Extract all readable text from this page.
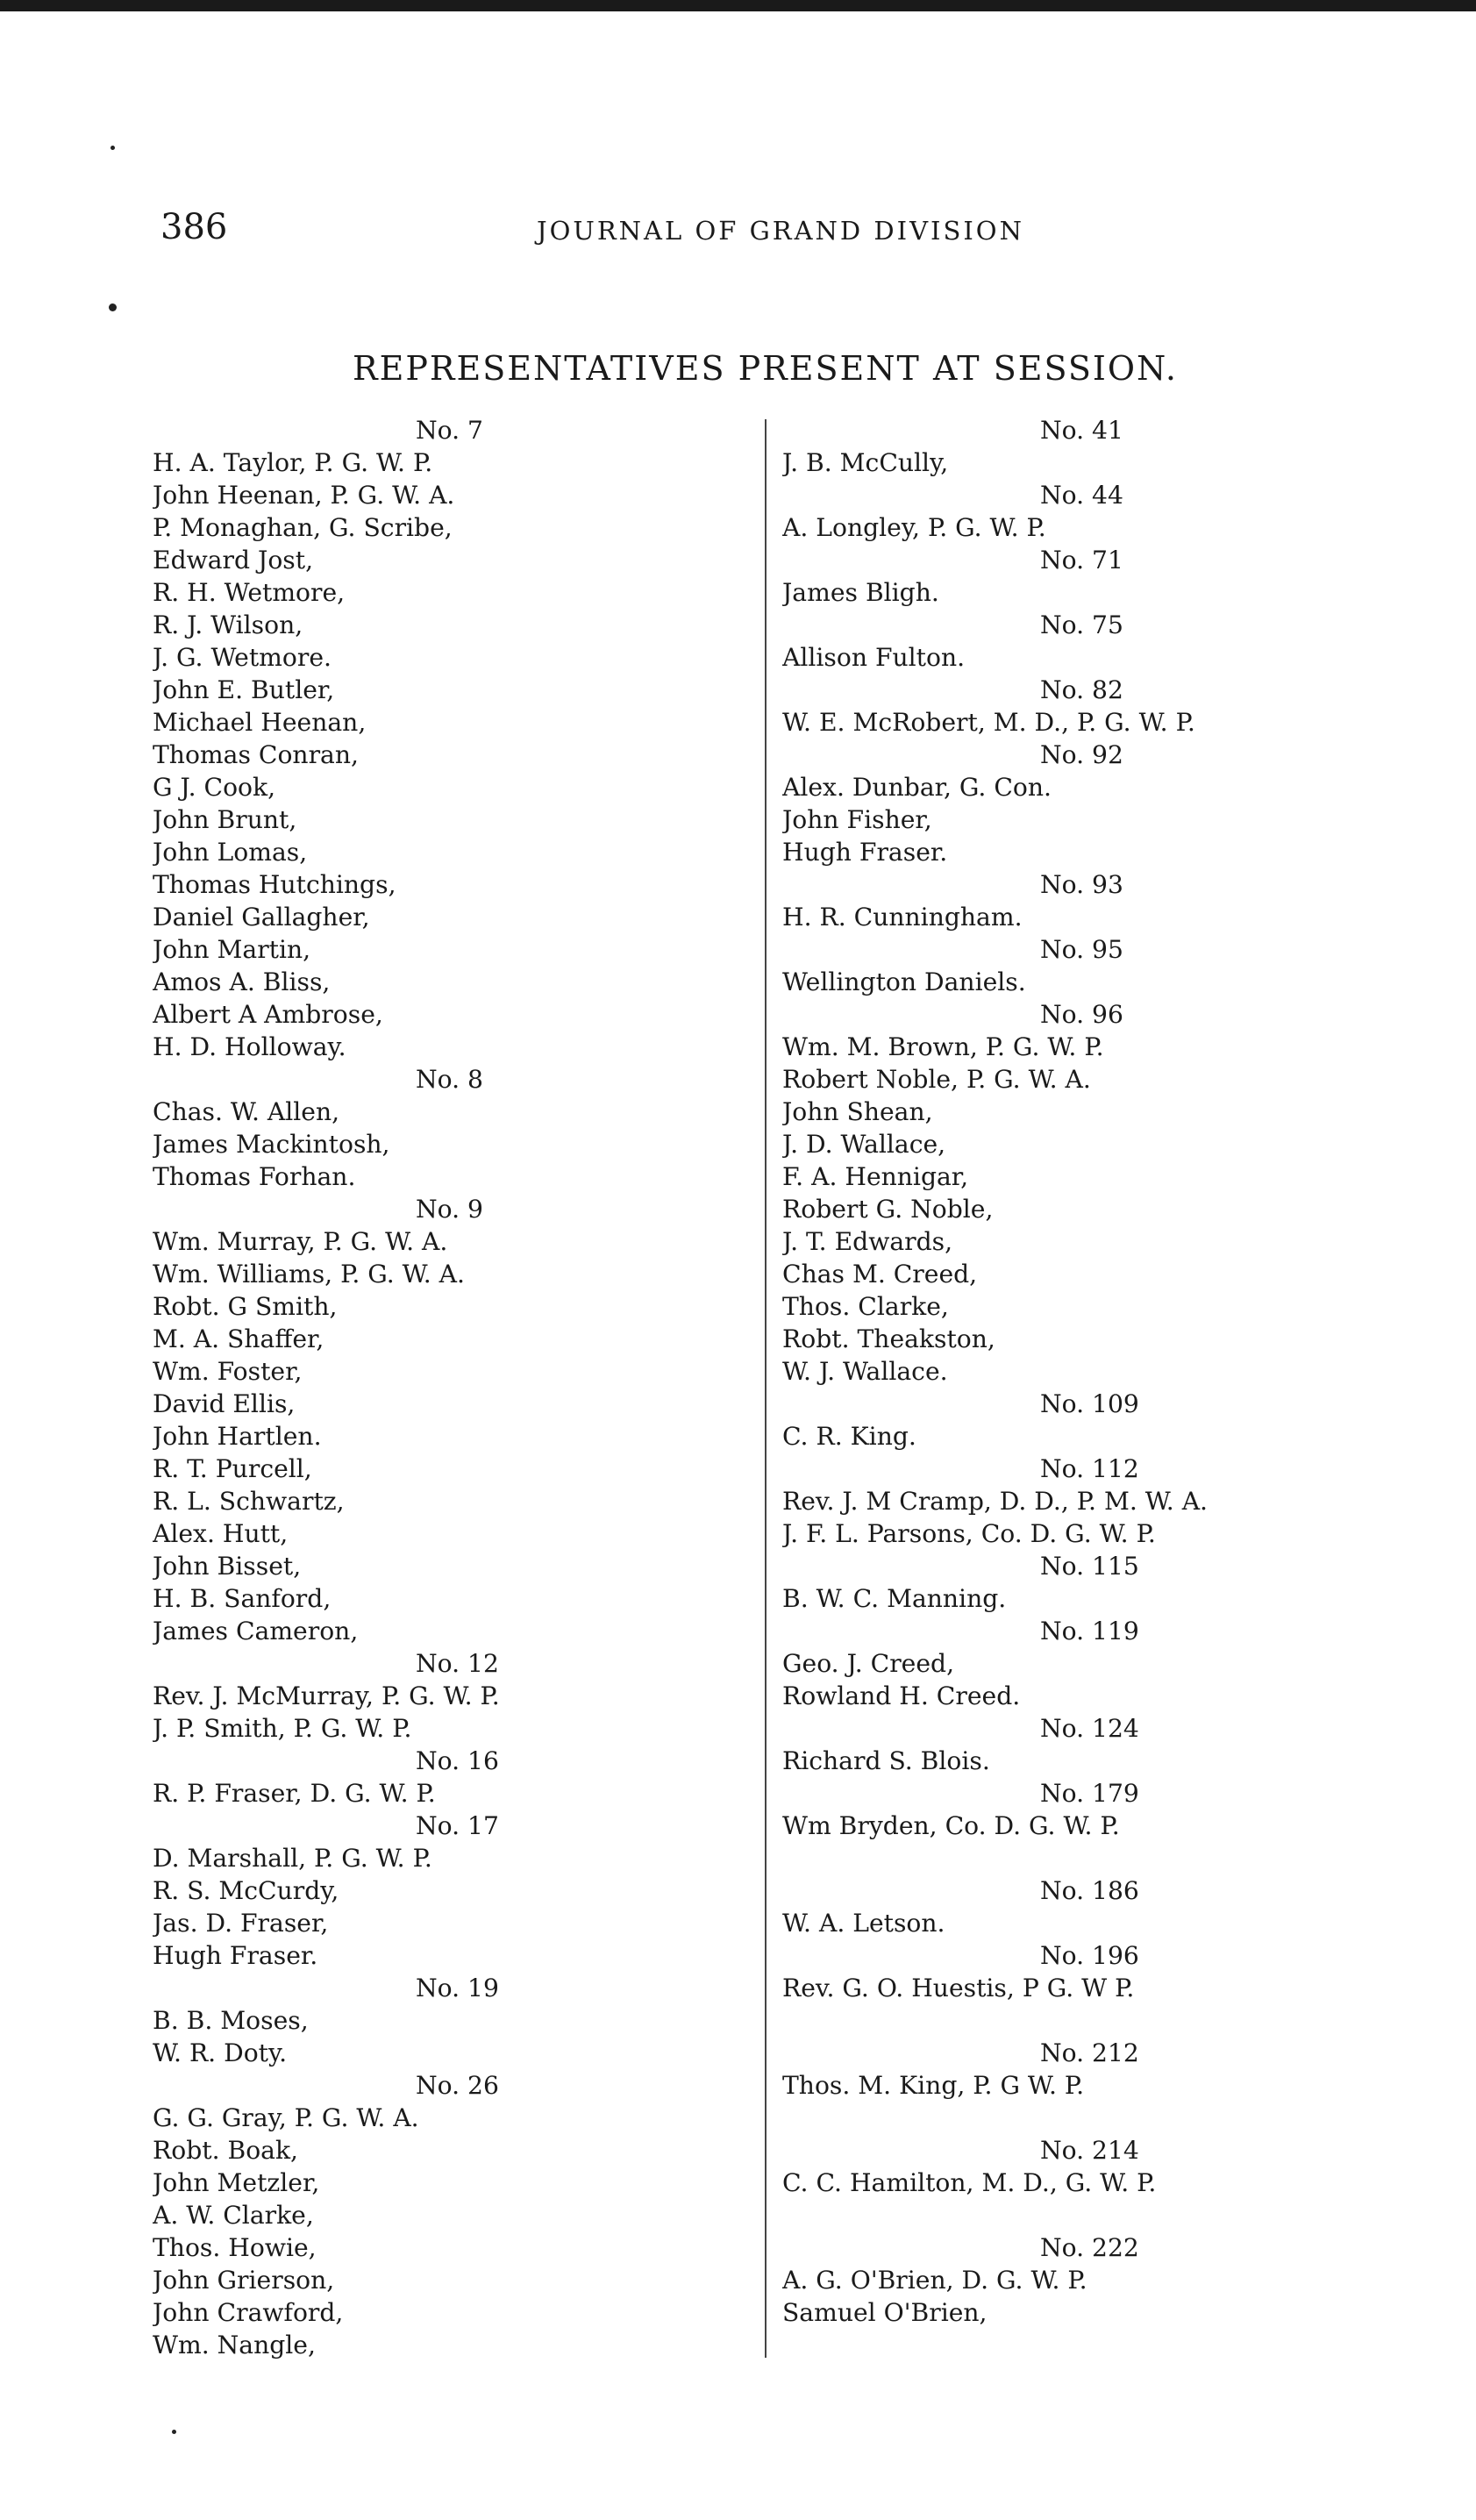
386	JOURNAL OF GRAND DIVISION
REPRESENTATIVES PRESENT AT SESSION.
No. 7
H. A. Taylor, P. G. W. P.
John Heenan, P. G. W. A.
P. Monaghan, G. Scribe,
Edward Jost,
R. H. Wetmore,
R. J. Wilson,
J. G. Wetmore.
John E. Butler,
Michael Heenan,
Thomas Conran,
G J. Cook,
John Brunt,
John Lomas,
Thomas Hutchings,
Daniel Gallagher,
John Martin,
Amos A. Bliss,
Albert A Ambrose,
H. D. Holloway.
No. 8
Chas. W. Allen,
James Mackintosh,
Thomas Forhan.
No. 9
Wm. Murray, P. G. W. A.
Wm. Williams, P. G. W. A.
Robt. G Smith,
M. A. Shaffer,
Wm. Foster,
David Ellis,
John Hartlen.
R. T. Purcell,
R. L. Schwartz,
Alex. Hutt,
John Bisset,
H. B. Sanford,
James Cameron,
No. 12
Rev. J. McMurray, P. G. W. P.
J. P. Smith, P. G. W. P.
No. 16
R. P. Fraser, D. G. W. P.
No. 17
D. Marshall, P. G. W. P.
R. S. McCurdy,
Jas. D. Fraser,
Hugh Fraser.
No. 19
B. B. Moses,
W. R. Doty.
No. 26
G. G. Gray, P. G. W. A.
Robt. Boak,
John Metzler,
A. W. Clarke,
Thos. Howie,
John Grierson,
John Crawford,
Wm. Nangle,
No. 41
J. B. McCully,
No. 44
A. Longley, P. G. W. P.
No. 71
James Bligh.
No. 75
Allison Fulton.
No. 82
W. E. McRobert, M. D., P. G. W. P.
No. 92
Alex. Dunbar, G. Con.
John Fisher,
Hugh Fraser.
No. 93
H. R. Cunningham.
No. 95
Wellington Daniels.
No. 96
Wm. M. Brown, P. G. W. P.
Robert Noble, P. G. W. A.
John Shean,
J. D. Wallace,
F. A. Hennigar,
Robert G. Noble,
J. T. Edwards,
Chas M. Creed,
Thos. Clarke,
Robt. Theakston,
W. J. Wallace.
No. 109
C. R. King.
No. 112
Rev. J. M Cramp, D. D., P. M. W. A.
J. F. L. Parsons, Co. D. G. W. P.
No. 115
B. W. C. Manning.
No. 119
Geo. J. Creed,
Rowland H. Creed.
No. 124
Richard S. Blois.
No. 179
Wm Bryden, Co. D. G. W. P.
No. 186
W. A. Letson.
No. 196
Rev. G. O. Huestis, P G. W P.
No. 212
Thos. M. King, P. G W. P.
No. 214
C. C. Hamilton, M. D., G. W. P.
No. 222
A. G. O'Brien, D. G. W. P.
Samuel O'Brien,
